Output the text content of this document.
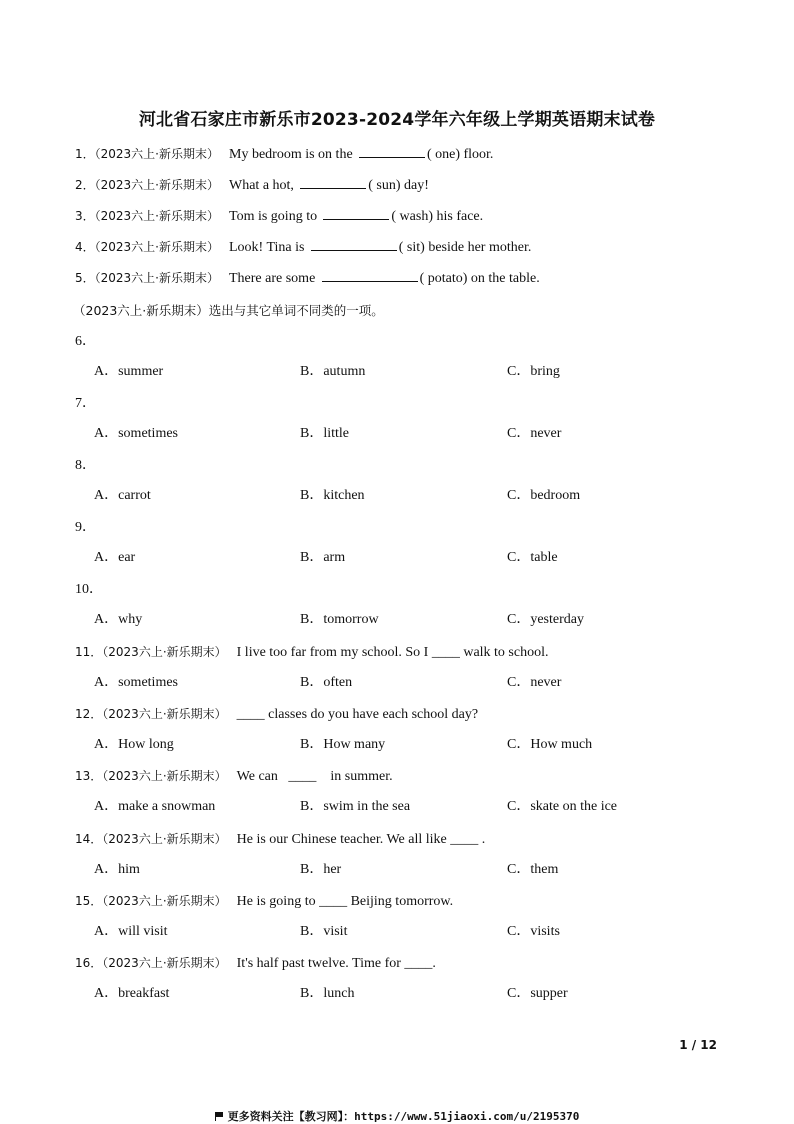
河北省石家庄市新乐市2023-2024学年六年级上学期英语期末试卷
1．（2023六上·新乐期末） My bedroom is on the	( one) floor.
2．（2023六上·新乐期末） What a hot,	( sun) day!
3．（2023六上·新乐期末） Tom is going to	( wash) his face.
4．（2023六上·新乐期末） Look! Tina is	( sit) beside her mother.
5．（2023六上·新乐期末） There are some	( potato) on the table.
（2023六上·新乐期末）选出与其它单词不同类的一项。
6．
A．summer	B．autumn	C．bring
7．
A．sometimes	B．little	C．never
8．
A．carrot	B．kitchen	C．bedroom
9．
A．ear	B．arm	C．table
10．
A．why	B．tomorrow	C．yesterday
11．（2023六上·新乐期末） I live too far from my school. So I ____ walk to school.
A．sometimes	B．often	C．never
12．（2023六上·新乐期末） ____ classes do you have each school day?
A．How long	B．How many	C．How much
13．（2023六上·新乐期末） We can   ____    in summer.
A．make a snowman	B．swim in the sea	C．skate on the ice
14．（2023六上·新乐期末） He is our Chinese teacher. We all like ____ .
A．him	B．her	C．them
15．（2023六上·新乐期末） He is going to ____ Beijing tomorrow.
A．will visit	B．visit	C．visits
16．（2023六上·新乐期末） It's half past twelve. Time for ____.
A．breakfast	B．lunch	C．supper
1 / 12
更多资料关注【教习网】：https://www.51jiaoxi.com/u/2195370
